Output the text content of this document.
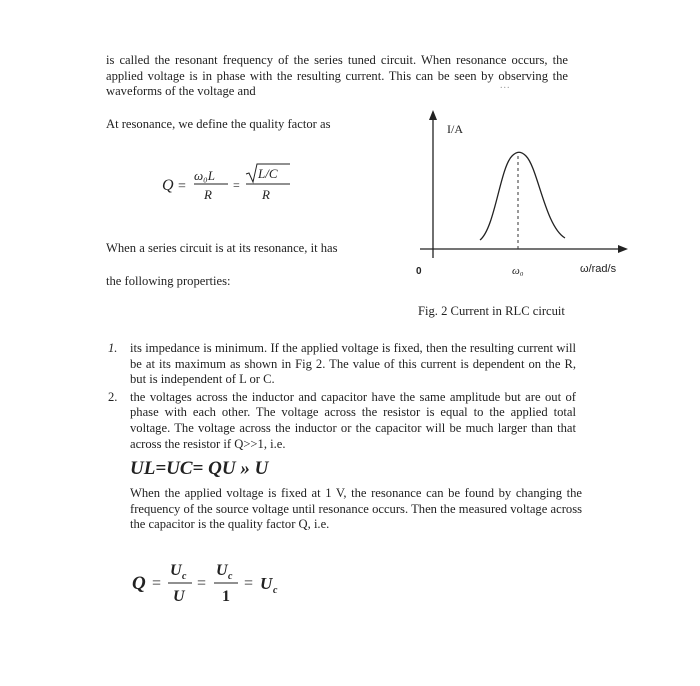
is called the resonant frequency of the series tuned circuit. When resonance occurs, the applied voltage is in phase with the resulting current. This can be seen by observing the waveforms of the voltage and	...
At resonance, we define the quality factor as
Q =
ω₀L
R
=
L/C
R
When a series circuit is at its resonance, it has
the following properties:
I/A
0	ω₀	ω/rad/s
Fig. 2 Current in RLC circuit
1. its impedance is minimum. If the applied voltage is fixed, then the resulting current will be at its maximum as shown in Fig 2. The value of this current is dependent on the R, but is independent of L or C.
2. the voltages across the inductor and capacitor have the same amplitude but are out of phase with each other. The voltage across the resistor is equal to the applied total voltage. The voltage across the inductor or the capacitor will be much larger than that across the resistor if Q>>1, i.e.
UL=UC= QU » U
When the applied voltage is fixed at 1 V, the resonance can be found by changing the frequency of the source voltage until resonance occurs. Then the measured voltage across the capacitor is the quality factor Q, i.e.
Q =
U c
U
=
U c
1
= U c
